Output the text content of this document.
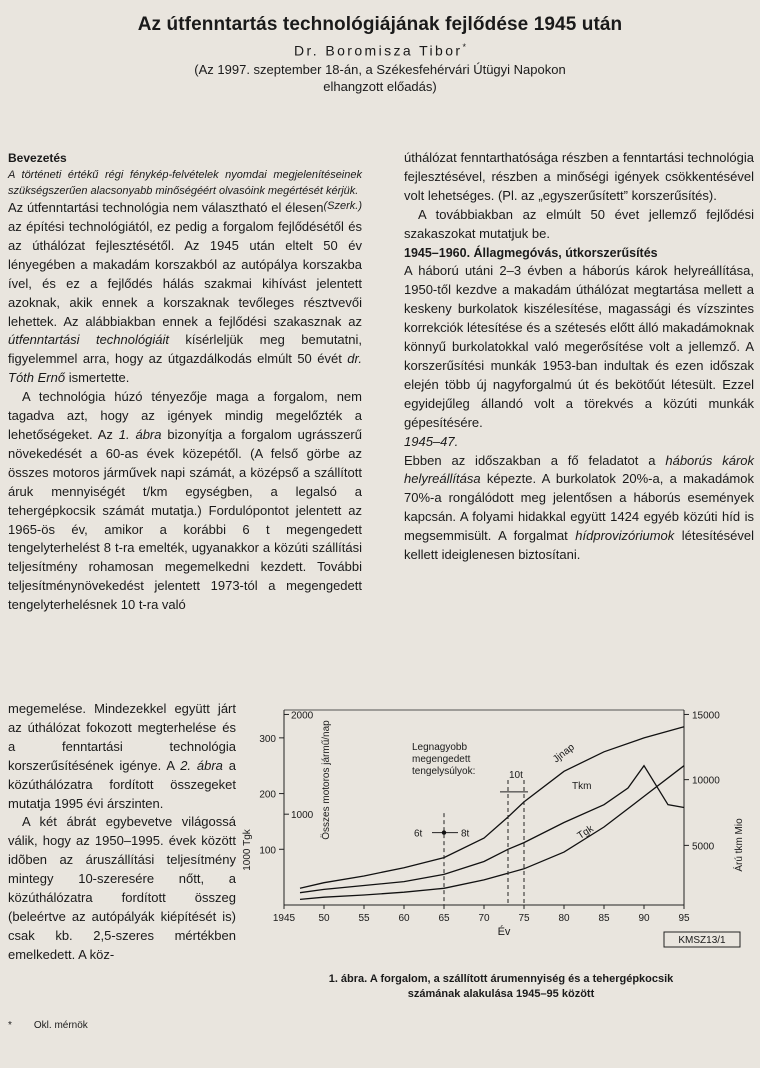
Az útfenntartás technológiájának fejlődése 1945 után
Dr. Boromisza Tibor*
(Az 1997. szeptember 18-án, a Székesfehérvári Útügyi Napokon
elhangzott előadás)

Bevezetés

A történeti értékű régi fénykép-felvételek nyomdai megjelenítéseinek szükségszerűen alacsonyabb minőségéért olvasóink megértését kérjük.
(Szerk.)

Az útfenntartási technológia nem választható el élesen az építési technológiától, ez pedig a forgalom fejlődésétől és az úthálózat fejlesztésétől. Az 1945 után eltelt 50 év lényegében a makadám korszakból az autópálya korszakba ível, és ez a fejlődés hálás szakmai kihívást jelentett azoknak, akik ennek a korszaknak tevőleges résztvevői lehettek. Az alábbiakban ennek a fejlődési szakasznak az útfenntartási technológiáit kísérleljük meg bemutatni, figyelemmel arra, hogy az útgazdálkodás elmúlt 50 évét dr. Tóth Ernő ismertette.

A technológia húzó tényezője maga a forgalom, nem tagadva azt, hogy az igények mindig megelőzték a lehetőségeket. Az 1. ábra bizonyítja a forgalom ugrásszerű növekedését a 60-as évek közepétől. (A felső görbe az összes motoros járművek napi számát, a középső a szállított áruk mennyiségét t/km egységben, a legalsó a tehergépkocsik számát mutatja.) Fordulópontot jelentett az 1965-ös év, amikor a korábbi 6 t megengedett tengelyterhelést 8 t-ra emelték, ugyanakkor a közúti szállítási teljesítmény rohamosan megemelkedni kezdett. További teljesítménynövekedést jelentett 1973-tól a megengedett tengelyterhelésnek 10 t-ra való

megemelése. Mindezekkel együtt járt az úthálózat fokozott megterhelése és a fenntartási technológia korszerűsítésének igénye. A 2. ábra a közúthálózatra fordított összegeket mutatja 1995 évi árszinten.

A két ábrát egybevetve világossá válik, hogy az 1950–1995. évek között idõben az áruszállítási teljesítmény mintegy 10-szeresére nőtt, a közúthálózatra fordított összeg (beleértve az autópályák kiépítését is) csak kb. 2,5-szeres mértékben emelkedett. A köz-

úthálózat fenntarthatósága részben a fenntartási technológia fejlesztésével, részben a minőségi igények csökkentésével volt lehetséges. (Pl. az „egyszerűsített” korszerűsítés).

A továbbiakban az elmúlt 50 évet jellemző fejlődési szakaszokat mutatjuk be.

1945–1960. Állagmegóvás, útkorszerűsítés

A háború utáni 2–3 évben a háborús károk helyreállítása, 1950-től kezdve a makadám úthálózat megtartása mellett a keskeny burkolatok kiszélesítése, magassági és vízszintes korrekciók létesítése és a szétesés előtt álló makadámoknak könnyű burkolatokkal való megerősítése volt a jellemző. A korszerűsítési munkák 1953-ban indultak és ezen időszak elején több új nagyforgalmú út és bekötőút létesült. Ezzel egyidejűleg állandó volt a törekvés a közúti munkák gépesítésére.

1945–47.

Ebben az időszakban a fő feladatot a háborús károk helyreállítása képezte. A burkolatok 20%-a, a makadámok 70%-a rongálódott meg jelentősen a háborús események kapcsán. A folyami hidakkal együtt 1424 egyéb közúti híd is megsemmisült. A forgalmat hídprovizóriumok létesítésével kellett ideiglenesen biztosítani.

1945 50	55	60	65	70	75	80	85	90	95
Év
300
200
100
1000 Tgk
2000
1000 Összes motoros jármű/nap
15000
10000
5000 Árú tkm Mio
Jjnap
Tkm
Tgk
Legnagyobb
megengedett
tengelysúlyok:	10t
6t	8t
KMSZ13/1
1. ábra. A forgalom, a szállított árumennyiség és a tehergépkocsik
számának alakulása 1945–95 között
* Okl. mérnök
